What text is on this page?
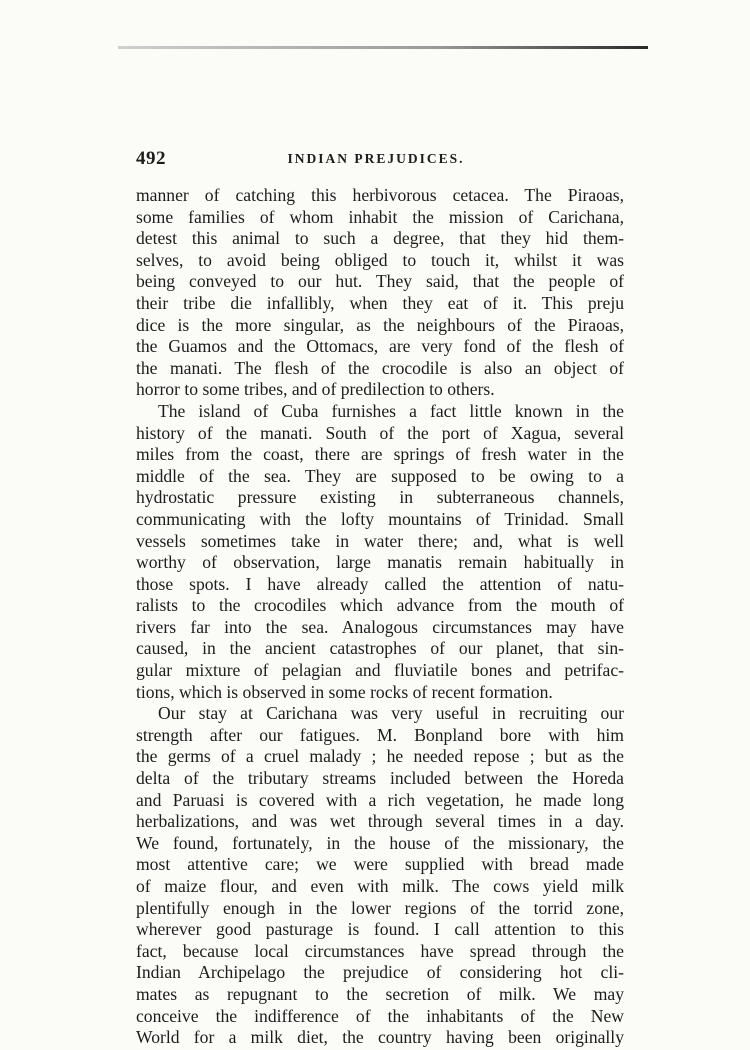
492	INDIAN PREJUDICES.
manner of catching this herbivorous cetacea. The Piraoas,
some families of whom inhabit the mission of Carichana,
detest this animal to such a degree, that they hid them-
selves, to avoid being obliged to touch it, whilst it was
being conveyed to our hut. They said, that the people of
their tribe die infallibly, when they eat of it. This preju
dice is the more singular, as the neighbours of the Piraoas,
the Guamos and the Ottomacs, are very fond of the flesh of
the manati. The flesh of the crocodile is also an object of
horror to some tribes, and of predilection to others.
The island of Cuba furnishes a fact little known in the
history of the manati. South of the port of Xagua, several
miles from the coast, there are springs of fresh water in the
middle of the sea. They are supposed to be owing to a
hydrostatic pressure existing in subterraneous channels,
communicating with the lofty mountains of Trinidad. Small
vessels sometimes take in water there; and, what is well
worthy of observation, large manatis remain habitually in
those spots. I have already called the attention of natu-
ralists to the crocodiles which advance from the mouth of
rivers far into the sea. Analogous circumstances may have
caused, in the ancient catastrophes of our planet, that sin-
gular mixture of pelagian and fluviatile bones and petrifac-
tions, which is observed in some rocks of recent formation.
Our stay at Carichana was very useful in recruiting our
strength after our fatigues. M. Bonpland bore with him
the germs of a cruel malady ; he needed repose ; but as the
delta of the tributary streams included between the Horeda
and Paruasi is covered with a rich vegetation, he made long
herbalizations, and was wet through several times in a day.
We found, fortunately, in the house of the missionary, the
most attentive care; we were supplied with bread made
of maize flour, and even with milk. The cows yield milk
plentifully enough in the lower regions of the torrid zone,
wherever good pasturage is found. I call attention to this
fact, because local circumstances have spread through the
Indian Archipelago the prejudice of considering hot cli-
mates as repugnant to the secretion of milk. We may
conceive the indifference of the inhabitants of the New
World for a milk diet, the country having been originally
